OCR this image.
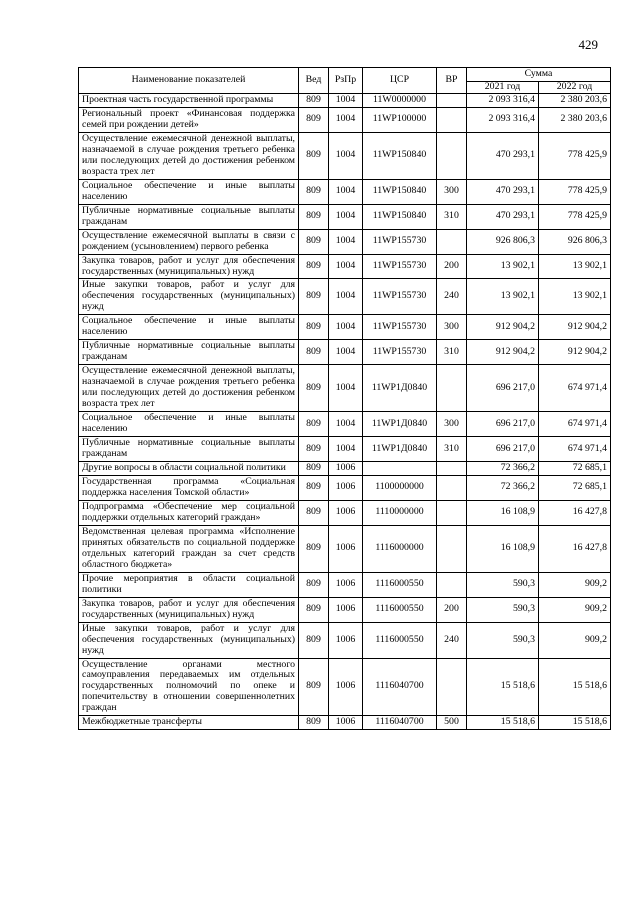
429
Наименование показателей	Вед	РзПр	ЦСР	ВР	Сумма	
					2021 год	2022 год
Проектная часть государственной программы	809	1004	11W0000000		2 093 316,4	2 380 203,6
Региональный проект «Финансовая поддержка семей при рождении детей»	809	1004	11WP100000		2 093 316,4	2 380 203,6
Осуществление ежемесячной денежной выплаты, назначаемой в случае рождения третьего ребенка или последующих детей до достижения ребенком возраста трех лет	809	1004	11WP150840		470 293,1	778 425,9
Социальное обеспечение и иные выплаты населению	809	1004	11WP150840	300	470 293,1	778 425,9
Публичные нормативные социальные выплаты гражданам	809	1004	11WP150840	310	470 293,1	778 425,9
Осуществление ежемесячной выплаты в связи с рождением (усыновлением) первого ребенка	809	1004	11WP155730		926 806,3	926 806,3
Закупка товаров, работ и услуг для обеспечения государственных (муниципальных) нужд	809	1004	11WP155730	200	13 902,1	13 902,1
Иные закупки товаров, работ и услуг для обеспечения государственных (муниципальных) нужд	809	1004	11WP155730	240	13 902,1	13 902,1
Социальное обеспечение и иные выплаты населению	809	1004	11WP155730	300	912 904,2	912 904,2
Публичные нормативные социальные выплаты гражданам	809	1004	11WP155730	310	912 904,2	912 904,2
Осуществление ежемесячной денежной выплаты, назначаемой в случае рождения третьего ребенка или последующих детей до достижения ребенком возраста трех лет	809	1004	11WP1Д0840		696 217,0	674 971,4
Социальное обеспечение и иные выплаты населению	809	1004	11WP1Д0840	300	696 217,0	674 971,4
Публичные нормативные социальные выплаты гражданам	809	1004	11WP1Д0840	310	696 217,0	674 971,4
Другие вопросы в области социальной политики	809	1006			72 366,2	72 685,1
Государственная программа «Социальная поддержка населения Томской области»	809	1006	1100000000		72 366,2	72 685,1
Подпрограмма «Обеспечение мер социальной поддержки отдельных категорий граждан»	809	1006	1110000000		16 108,9	16 427,8
Ведомственная целевая программа «Исполнение принятых обязательств по социальной поддержке отдельных категорий граждан за счет средств областного бюджета»	809	1006	1116000000		16 108,9	16 427,8
Прочие мероприятия в области социальной политики	809	1006	1116000550		590,3	909,2
Закупка товаров, работ и услуг для обеспечения государственных (муниципальных) нужд	809	1006	1116000550	200	590,3	909,2
Иные закупки товаров, работ и услуг для обеспечения государственных (муниципальных) нужд	809	1006	1116000550	240	590,3	909,2
Осуществление органами местного самоуправления передаваемых им отдельных государственных полномочий по опеке и попечительству в отношении совершеннолетних граждан	809	1006	1116040700		15 518,6	15 518,6
Межбюджетные трансферты	809	1006	1116040700	500	15 518,6	15 518,6
